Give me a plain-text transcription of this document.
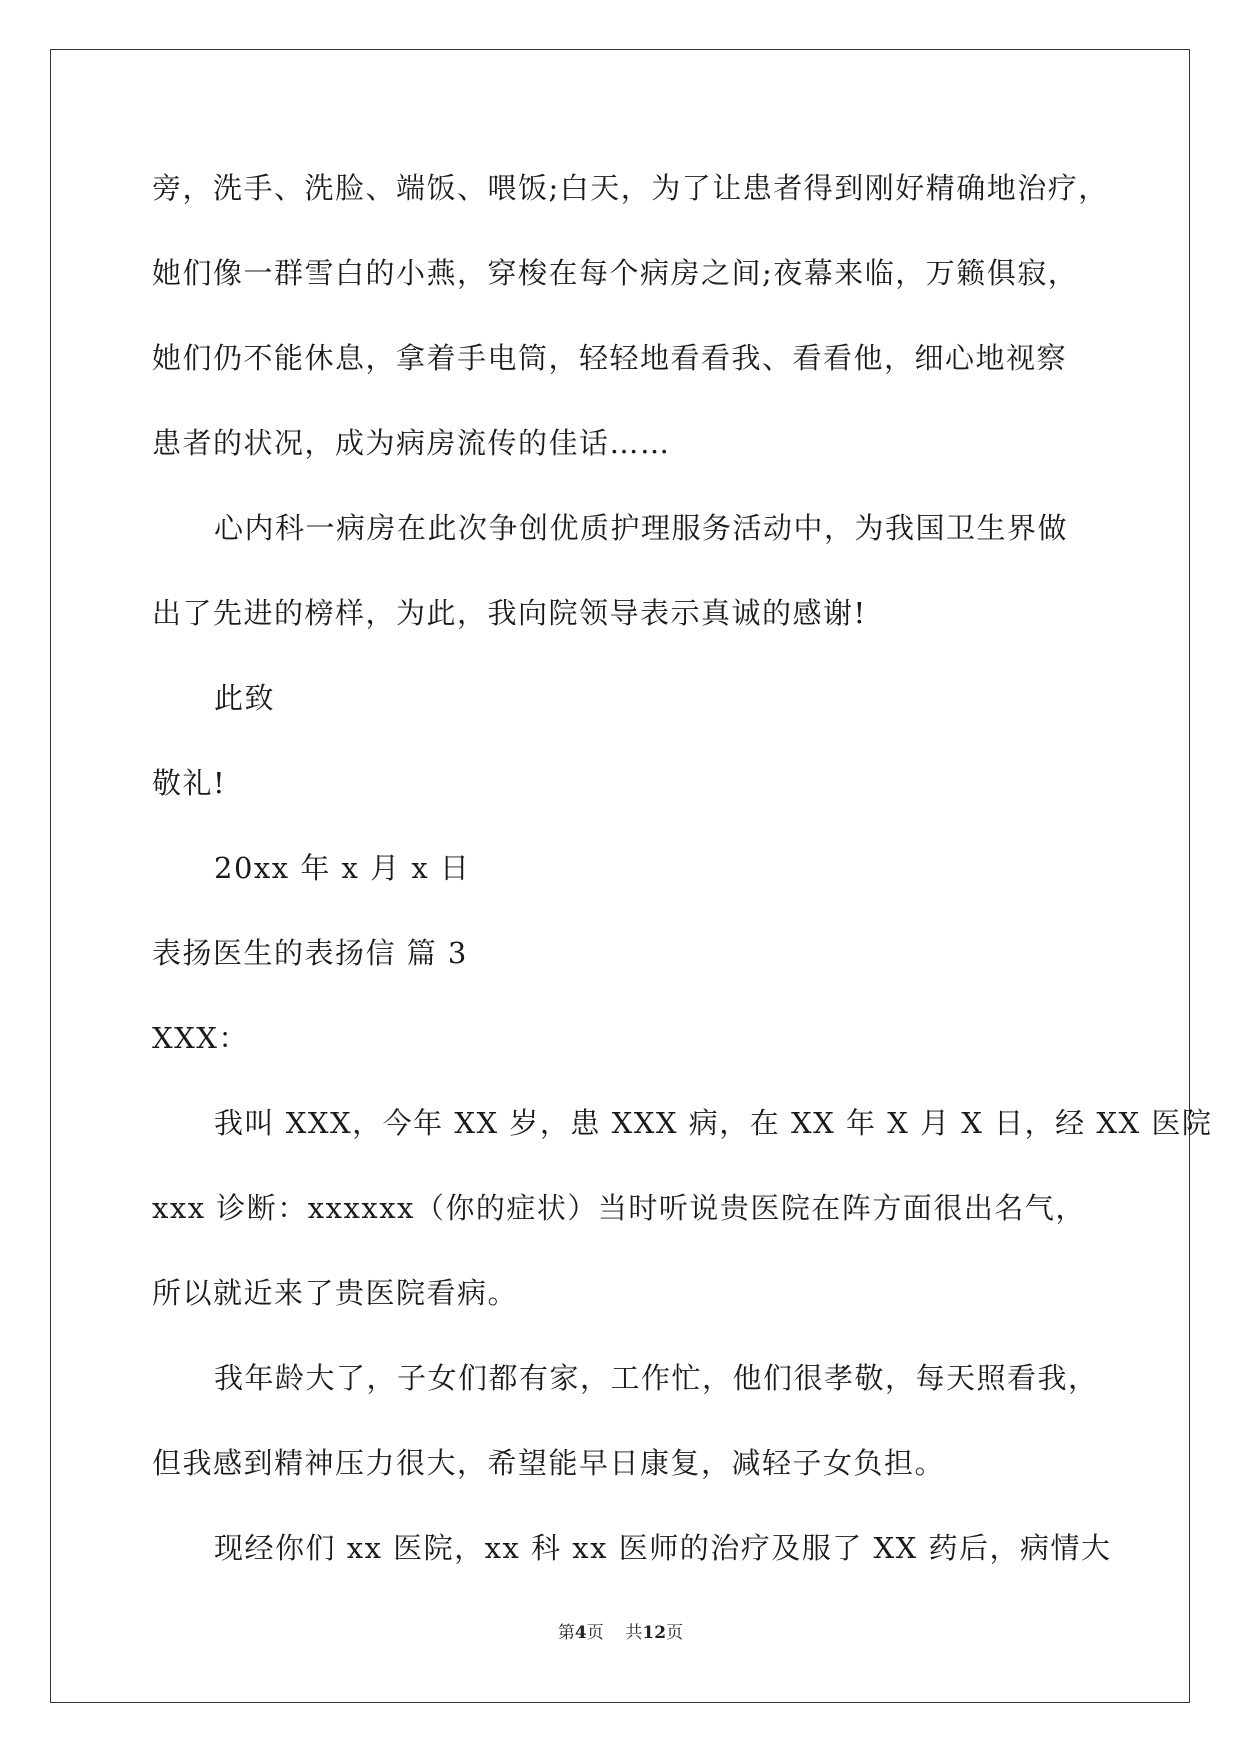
旁，洗手、洗脸、端饭、喂饭;白天，为了让患者得到刚好精确地治疗，
她们像一群雪白的小燕，穿梭在每个病房之间;夜幕来临，万籁俱寂，
她们仍不能休息，拿着手电筒，轻轻地看看我、看看他，细心地视察
患者的状况，成为病房流传的佳话……
心内科一病房在此次争创优质护理服务活动中，为我国卫生界做
出了先进的榜样，为此，我向院领导表示真诚的感谢!
此致
敬礼!
20xx 年 x 月 x 日
表扬医生的表扬信 篇 3
XXX：
我叫 XXX，今年 XX 岁，患 XXX 病，在 XX 年 X 月 X 日，经 XX 医院
xxx 诊断：xxxxxx（你的症状）当时听说贵医院在阵方面很出名气，
所以就近来了贵医院看病。
我年龄大了，子女们都有家，工作忙，他们很孝敬，每天照看我，
但我感到精神压力很大，希望能早日康复，减轻子女负担。
现经你们 xx 医院，xx 科 xx 医师的治疗及服了 XX 药后，病情大
第4页 共12页
